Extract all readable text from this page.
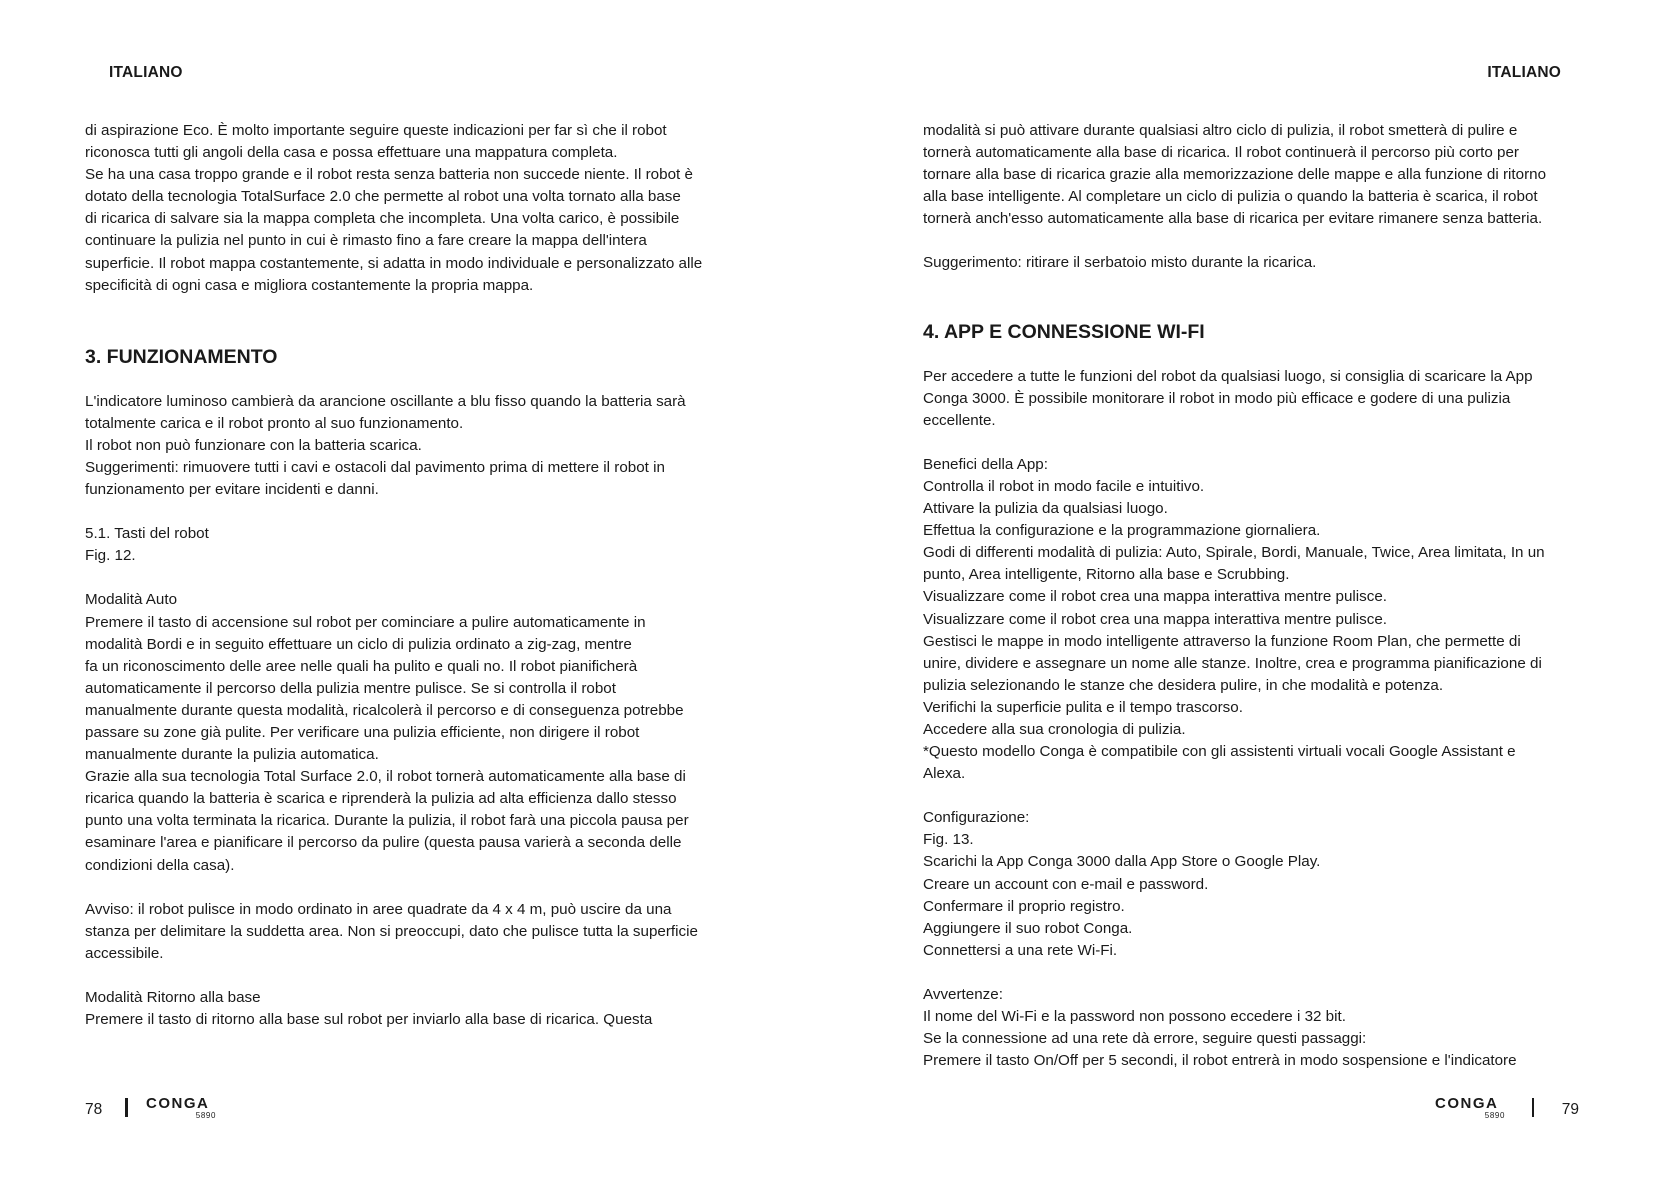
ITALIANO
di aspirazione Eco. È molto importante seguire queste indicazioni per far sì che il robot
riconosca tutti gli angoli della casa e possa effettuare una mappatura completa.
Se ha una casa troppo grande e il robot resta senza batteria non succede niente. Il robot è
dotato della tecnologia TotalSurface 2.0 che permette al robot una volta tornato alla base
di ricarica di salvare sia la mappa completa che incompleta. Una volta carico, è possibile
continuare la pulizia nel punto in cui è rimasto fino a fare creare la mappa dell'intera
superficie. Il robot mappa costantemente, si adatta in modo individuale e personalizzato alle
specificità di ogni casa e migliora costantemente la propria mappa.
3. FUNZIONAMENTO
L'indicatore luminoso cambierà da arancione oscillante a blu fisso quando la batteria sarà
totalmente carica e il robot pronto al suo funzionamento.
Il robot non può funzionare con la batteria scarica.
Suggerimenti: rimuovere tutti i cavi e ostacoli dal pavimento prima di mettere il robot in
funzionamento per evitare incidenti e danni.
5.1. Tasti del robot
Fig. 12.
Modalità Auto
Premere il tasto di accensione sul robot per cominciare a pulire automaticamente in
modalità Bordi e in seguito effettuare un ciclo di pulizia ordinato a zig-zag, mentre
fa un riconoscimento delle aree nelle quali ha pulito e quali no. Il robot pianificherà
automaticamente il percorso della pulizia mentre pulisce. Se si controlla il robot
manualmente durante questa modalità, ricalcolerà il percorso e di conseguenza potrebbe
passare su zone già pulite. Per verificare una pulizia efficiente, non dirigere il robot
manualmente durante la pulizia automatica.
Grazie alla sua tecnologia Total Surface 2.0, il robot tornerà automaticamente alla base di
ricarica quando la batteria è scarica e riprenderà la pulizia ad alta efficienza dallo stesso
punto una volta terminata la ricarica. Durante la pulizia, il robot farà una piccola pausa per
esaminare l'area e pianificare il percorso da pulire (questa pausa varierà a seconda delle
condizioni della casa).
Avviso: il robot pulisce in modo ordinato in aree quadrate da 4 x 4 m, può uscire da una
stanza per delimitare la suddetta area. Non si preoccupi, dato che pulisce tutta la superficie
accessibile.
Modalità Ritorno alla base
Premere il tasto di ritorno alla base sul robot per inviarlo alla base di ricarica. Questa
78	CONGA
5890
ITALIANO
modalità si può attivare durante qualsiasi altro ciclo di pulizia, il robot smetterà di pulire e
tornerà automaticamente alla base di ricarica. Il robot continuerà il percorso più corto per
tornare alla base di ricarica grazie alla memorizzazione delle mappe e alla funzione di ritorno
alla base intelligente. Al completare un ciclo di pulizia o quando la batteria è scarica, il robot
tornerà anch'esso automaticamente alla base di ricarica per evitare rimanere senza batteria.
Suggerimento: ritirare il serbatoio misto durante la ricarica.
4. APP E CONNESSIONE WI-FI
Per accedere a tutte le funzioni del robot da qualsiasi luogo, si consiglia di scaricare la App
Conga 3000. È possibile monitorare il robot in modo più efficace e godere di una pulizia
eccellente.
Benefici della App:
Controlla il robot in modo facile e intuitivo.
Attivare la pulizia da qualsiasi luogo.
Effettua la configurazione e la programmazione giornaliera.
Godi di differenti modalità di pulizia: Auto, Spirale, Bordi, Manuale, Twice, Area limitata, In un
punto, Area intelligente, Ritorno alla base e Scrubbing.
Visualizzare come il robot crea una mappa interattiva mentre pulisce.
Visualizzare come il robot crea una mappa interattiva mentre pulisce.
Gestisci le mappe in modo intelligente attraverso la funzione Room Plan, che permette di
unire, dividere e assegnare un nome alle stanze. Inoltre, crea e programma pianificazione di
pulizia selezionando le stanze che desidera pulire, in che modalità e potenza.
Verifichi la superficie pulita e il tempo trascorso.
Accedere alla sua cronologia di pulizia.
*Questo modello Conga è compatibile con gli assistenti virtuali vocali Google Assistant e
Alexa.
Configurazione:
Fig. 13.
Scarichi la App Conga 3000 dalla App Store o Google Play.
Creare un account con e-mail e password.
Confermare il proprio registro.
Aggiungere il suo robot Conga.
Connettersi a una rete Wi-Fi.
Avvertenze:
Il nome del Wi-Fi e la password non possono eccedere i 32 bit.
Se la connessione ad una rete dà errore, seguire questi passaggi:
Premere il tasto On/Off per 5 secondi, il robot entrerà in modo sospensione e l'indicatore
CONGA
5890	79
